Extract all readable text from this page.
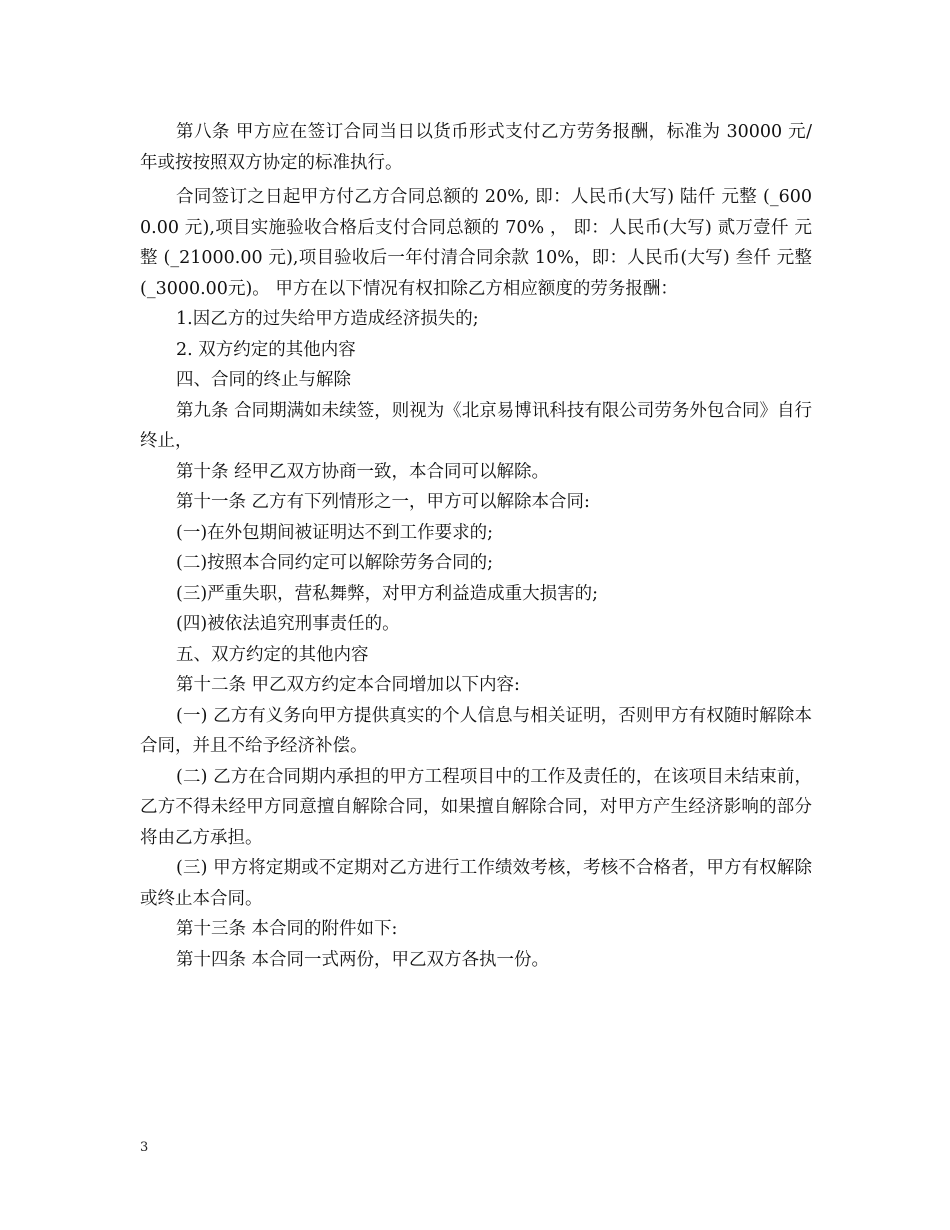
第八条 甲方应在签订合同当日以货币形式支付乙方劳务报酬，标准为 30000 元/年或按按照双方协定的标准执行。

合同签订之日起甲方付乙方合同总额的 20%, 即：人民币(大写) 陆仟 元整 (_6000.00 元),项目实施验收合格后支付合同总额的 70% ， 即：人民币(大写) 贰万壹仟 元整 (_21000.00 元),项目验收后一年付清合同余款 10%，即：人民币(大写) 叁仟 元整 (_3000.00元)。 甲方在以下情况有权扣除乙方相应额度的劳务报酬：

1.因乙方的过失给甲方造成经济损失的;

2. 双方约定的其他内容

四、合同的终止与解除

第九条 合同期满如未续签，则视为《北京易博讯科技有限公司劳务外包合同》自行终止，

第十条 经甲乙双方协商一致，本合同可以解除。

第十一条 乙方有下列情形之一，甲方可以解除本合同:

(一)在外包期间被证明达不到工作要求的;

(二)按照本合同约定可以解除劳务合同的;

(三)严重失职，营私舞弊，对甲方利益造成重大损害的;

(四)被依法追究刑事责任的。

五、双方约定的其他内容

第十二条 甲乙双方约定本合同增加以下内容:

(一) 乙方有义务向甲方提供真实的个人信息与相关证明，否则甲方有权随时解除本合同，并且不给予经济补偿。

(二) 乙方在合同期内承担的甲方工程项目中的工作及责任的，在该项目未结束前，乙方不得未经甲方同意擅自解除合同，如果擅自解除合同，对甲方产生经济影响的部分将由乙方承担。

(三) 甲方将定期或不定期对乙方进行工作绩效考核，考核不合格者，甲方有权解除或终止本合同。

第十三条 本合同的附件如下:

第十四条 本合同一式两份，甲乙双方各执一份。

3
